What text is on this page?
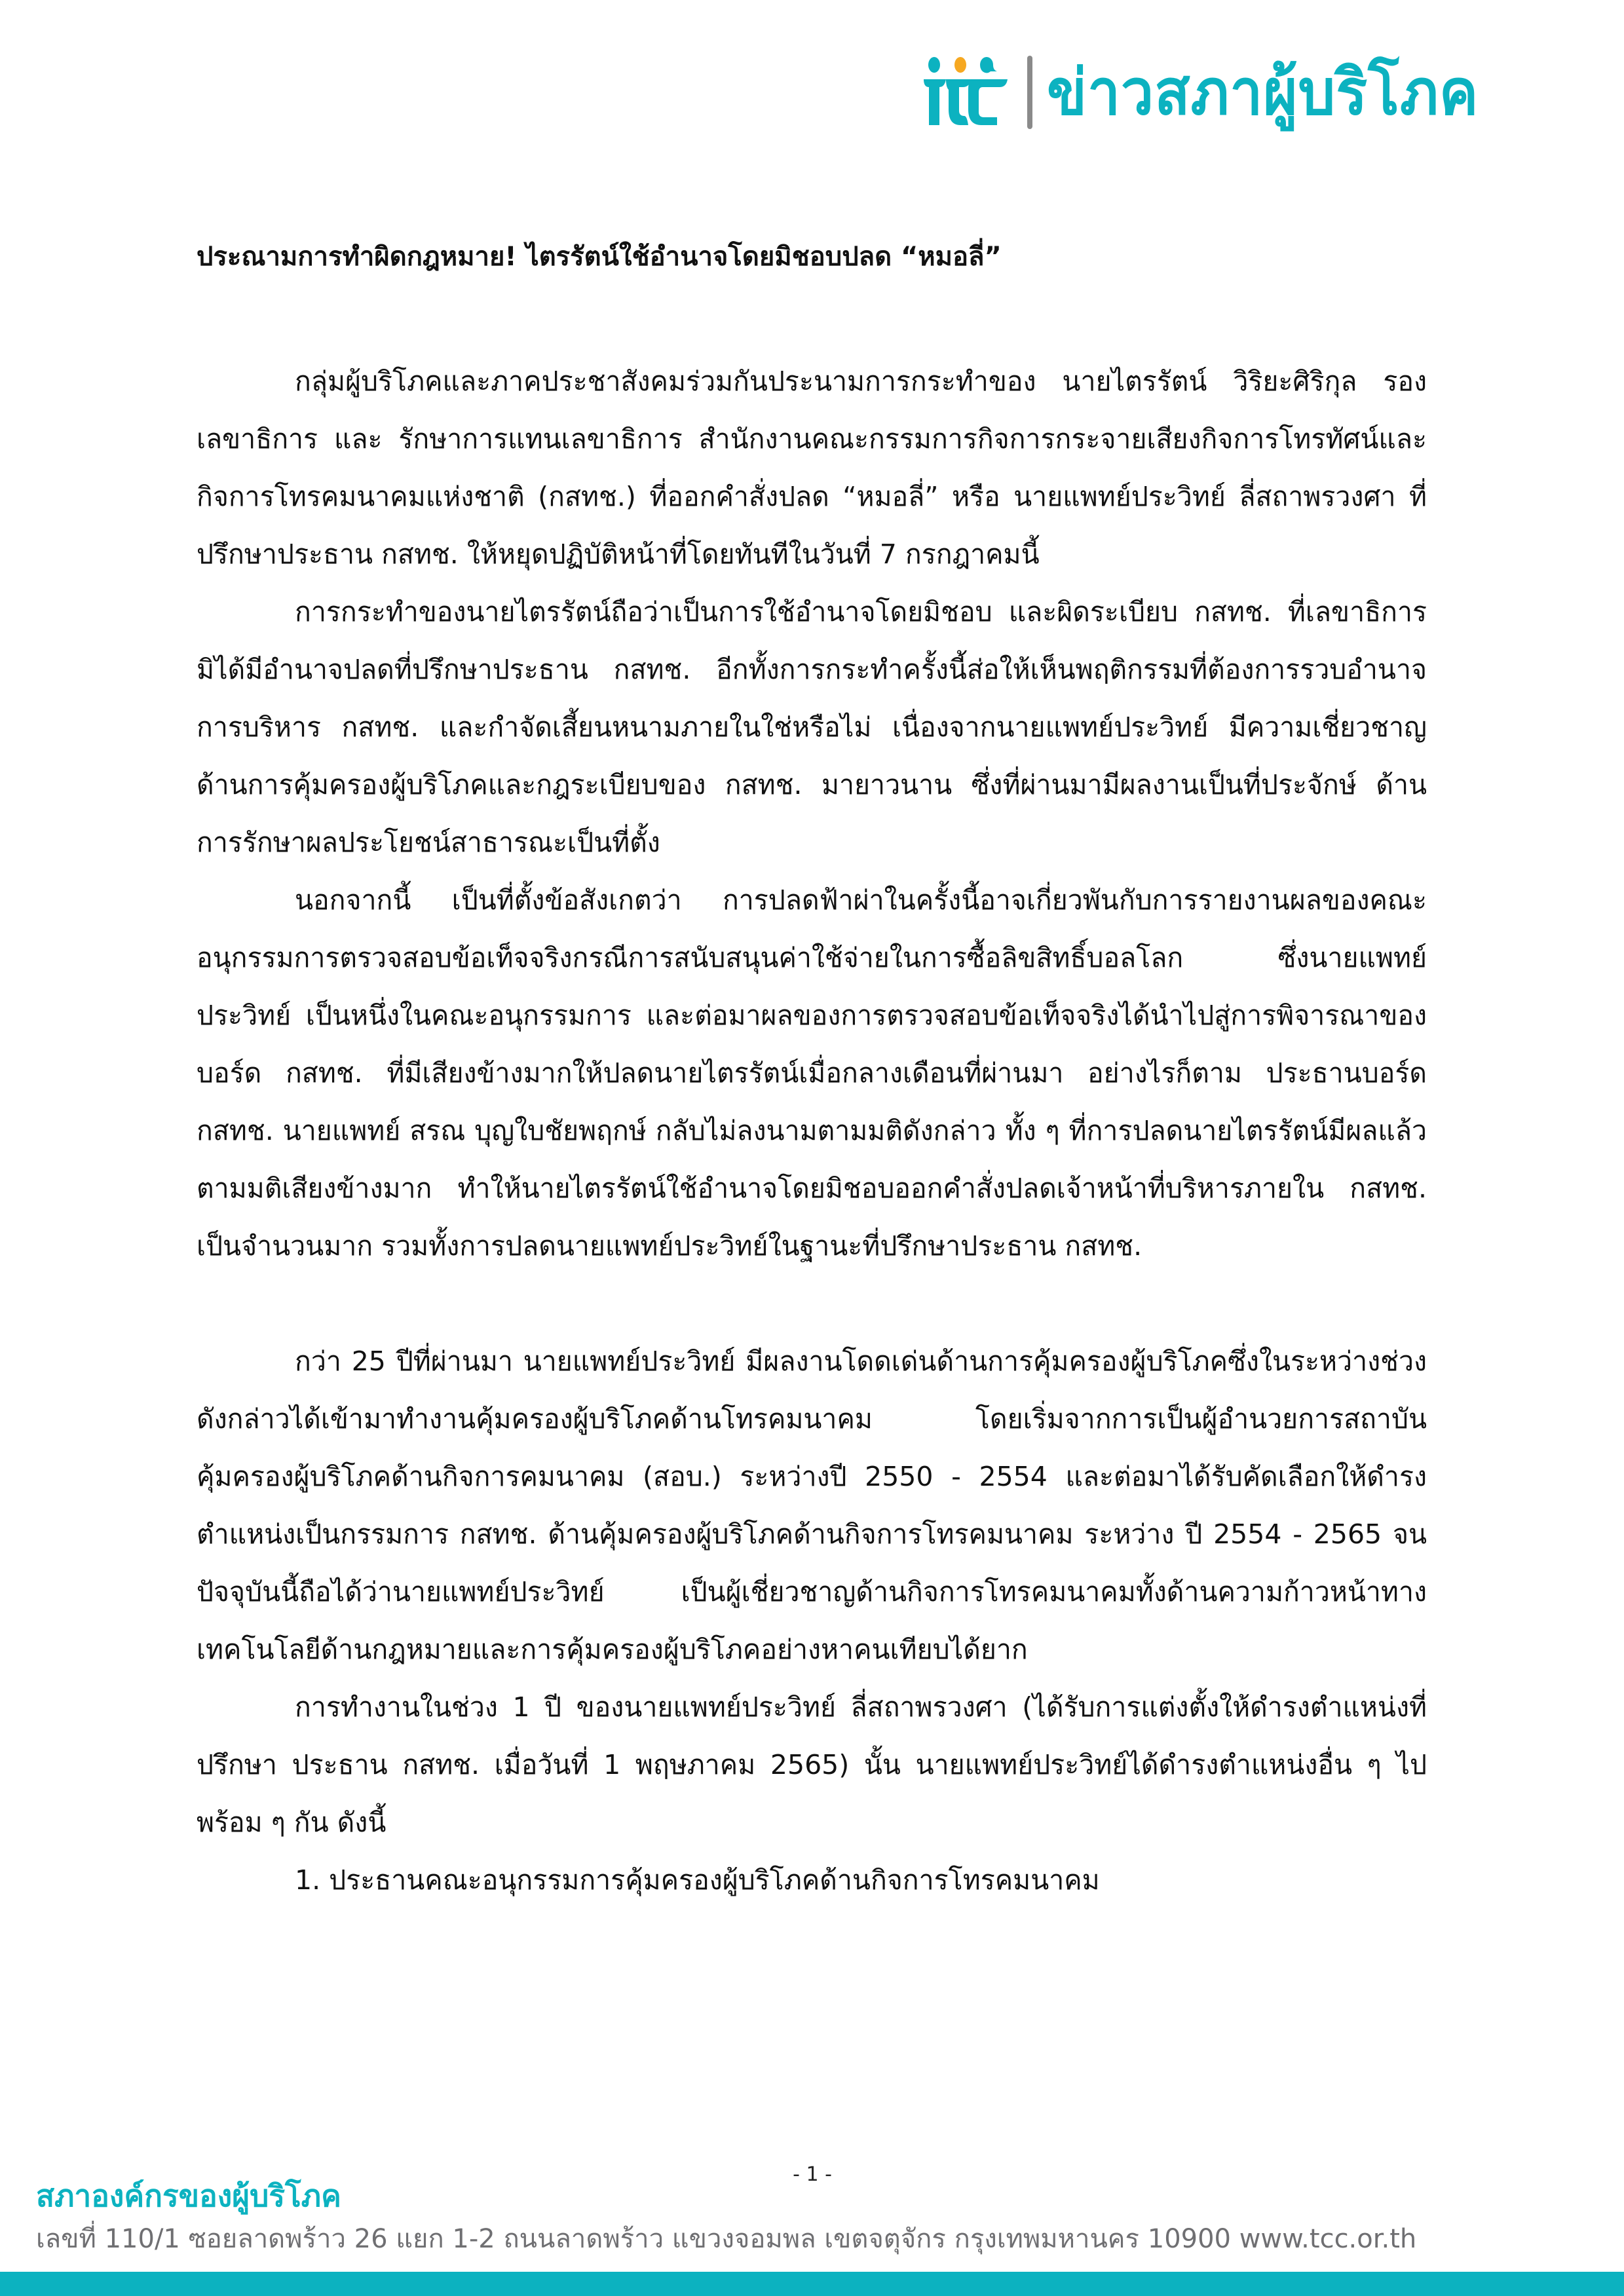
ข่าวสภาผู้บริโภค
ประณามการทำผิดกฎหมาย! ไตรรัตน์ใช้อำนาจโดยมิชอบปลด “หมอลี่”

กลุ่มผู้บริโภคและภาคประชาสังคมร่วมกันประนามการกระทำของ นายไตรรัตน์ วิริยะศิริกุล รองเลขาธิการ และ รักษาการแทนเลขาธิการ สำนักงานคณะกรรมการกิจการกระจายเสียงกิจการโทรทัศน์และกิจการโทรคมนาคมแห่งชาติ (กสทช.) ที่ออกคำสั่งปลด “หมอลี่” หรือ นายแพทย์ประวิทย์ ลี่สถาพรวงศา ที่ปรึกษาประธาน กสทช. ให้หยุดปฏิบัติหน้าที่โดยทันทีในวันที่ 7 กรกฎาคมนี้

การกระทำของนายไตรรัตน์ถือว่าเป็นการใช้อำนาจโดยมิชอบ และผิดระเบียบ กสทช. ที่เลขาธิการมิได้มีอำนาจปลดที่ปรึกษาประธาน กสทช. อีกทั้งการกระทำครั้งนี้ส่อให้เห็นพฤติกรรมที่ต้องการรวบอำนาจการบริหาร กสทช. และกำจัดเสี้ยนหนามภายในใช่หรือไม่ เนื่องจากนายแพทย์ประวิทย์ มีความเชี่ยวชาญด้านการคุ้มครองผู้บริโภคและกฎระเบียบของ กสทช. มายาวนาน ซึ่งที่ผ่านมามีผลงานเป็นที่ประจักษ์ ด้านการรักษาผลประโยชน์สาธารณะเป็นที่ตั้ง

นอกจากนี้ เป็นที่ตั้งข้อสังเกตว่า การปลดฟ้าผ่าในครั้งนี้อาจเกี่ยวพันกับการรายงานผลของคณะอนุกรรมการตรวจสอบข้อเท็จจริงกรณีการสนับสนุนค่าใช้จ่ายในการซื้อลิขสิทธิ์บอลโลก ซึ่งนายแพทย์ประวิทย์ เป็นหนึ่งในคณะอนุกรรมการ และต่อมาผลของการตรวจสอบข้อเท็จจริงได้นำไปสู่การพิจารณาของบอร์ด กสทช. ที่มีเสียงข้างมากให้ปลดนายไตรรัตน์เมื่อกลางเดือนที่ผ่านมา อย่างไรก็ตาม ประธานบอร์ด กสทช. นายแพทย์ สรณ บุญใบชัยพฤกษ์ กลับไม่ลงนามตามมติดังกล่าว ทั้ง ๆ ที่การปลดนายไตรรัตน์มีผลแล้วตามมติเสียงข้างมาก ทำให้นายไตรรัตน์ใช้อำนาจโดยมิชอบออกคำสั่งปลดเจ้าหน้าที่บริหารภายใน กสทช. เป็นจำนวนมาก รวมทั้งการปลดนายแพทย์ประวิทย์ในฐานะที่ปรึกษาประธาน กสทช.

กว่า 25 ปีที่ผ่านมา นายแพทย์ประวิทย์ มีผลงานโดดเด่นด้านการคุ้มครองผู้บริโภคซึ่งในระหว่างช่วงดังกล่าวได้เข้ามาทำงานคุ้มครองผู้บริโภคด้านโทรคมนาคม โดยเริ่มจากการเป็นผู้อำนวยการสถาบันคุ้มครองผู้บริโภคด้านกิจการคมนาคม (สอบ.) ระหว่างปี 2550 - 2554 และต่อมาได้รับคัดเลือกให้ดำรงตำแหน่งเป็นกรรมการ กสทช. ด้านคุ้มครองผู้บริโภคด้านกิจการโทรคมนาคม ระหว่าง ปี 2554 - 2565 จนปัจจุบันนี้ถือได้ว่านายแพทย์ประวิทย์ เป็นผู้เชี่ยวชาญด้านกิจการโทรคมนาคมทั้งด้านความก้าวหน้าทางเทคโนโลยีด้านกฎหมายและการคุ้มครองผู้บริโภคอย่างหาคนเทียบได้ยาก

การทำงานในช่วง 1 ปี ของนายแพทย์ประวิทย์ ลี่สถาพรวงศา (ได้รับการแต่งตั้งให้ดำรงตำแหน่งที่ปรึกษา ประธาน กสทช. เมื่อวันที่ 1 พฤษภาคม 2565) นั้น นายแพทย์ประวิทย์ได้ดำรงตำแหน่งอื่น ๆ ไปพร้อม ๆ กัน ดังนี้

1. ประธานคณะอนุกรรมการคุ้มครองผู้บริโภคด้านกิจการโทรคมนาคม

- 1 -
สภาองค์กรของผู้บริโภค
เลขที่ 110/1 ซอยลาดพร้าว 26 แยก 1-2 ถนนลาดพร้าว แขวงจอมพล เขตจตุจักร กรุงเทพมหานคร 10900 www.tcc.or.th
